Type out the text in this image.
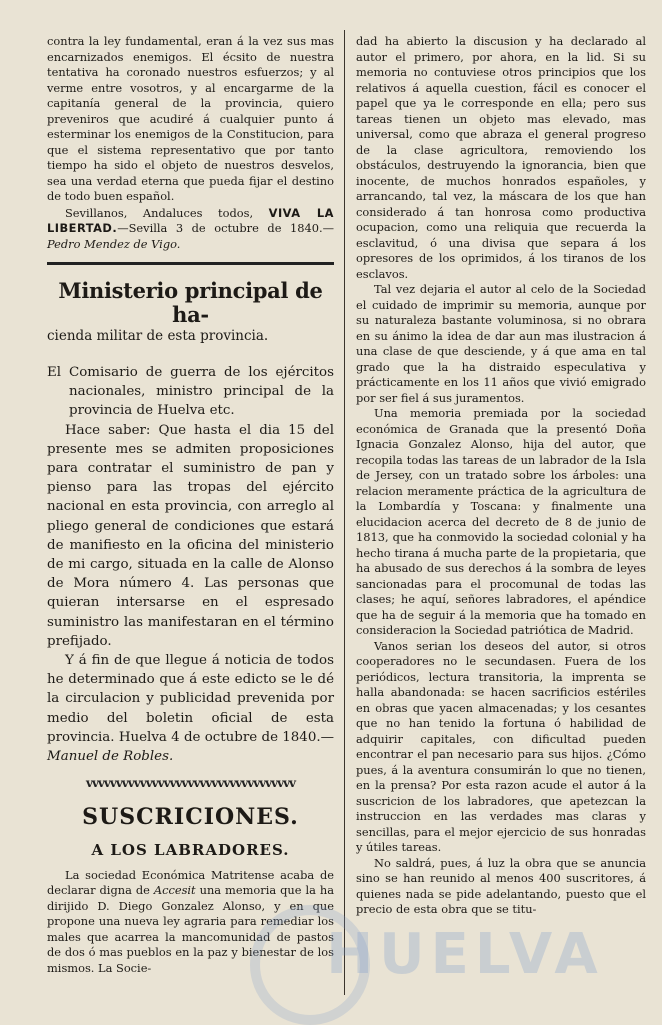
contra la ley fundamental, eran á la vez sus mas encarnizados enemigos. El écsito de nuestra tentativa ha coronado nuestros esfuerzos; y al verme entre vosotros, y al encargarme de la capitanía general de la provincia, quiero preveniros que acudiré á cualquier punto á esterminar los enemigos de la Constitucion, para que el sistema representativo que por tanto tiempo ha sido el objeto de nuestros desvelos, sea una verdad eterna que pueda fijar el destino de todo buen español.

Sevillanos, Andaluces todos, VIVA LA LIBERTAD.—Sevilla 3 de octubre de 1840.—Pedro Mendez de Vigo.

Ministerio principal de ha-
cienda militar de esta provincia.

El Comisario de guerra de los ejércitos nacionales, ministro principal de la provincia de Huelva etc.

Hace saber: Que hasta el dia 15 del presente mes se admiten proposiciones para contratar el suministro de pan y pienso para las tropas del ejército nacional en esta provincia, con arreglo al pliego general de condiciones que estará de manifiesto en la oficina del ministerio de mi cargo, situada en la calle de Alonso de Mora número 4. Las personas que quieran intersarse en el espresado suministro las manifestaran en el término prefijado.

Y á fin de que llegue á noticia de todos he determinado que á este edicto se le dé la circulacion y publicidad prevenida por medio del boletin oficial de esta provincia. Huelva 4 de octubre de 1840.—Manuel de Robles.

vvvvvvvvvvvvvvvvvvvvvvvvvvvvvvvvvvv
SUSCRICIONES.
A LOS LABRADORES.

La sociedad Económica Matritense acaba de declarar digna de Accesit una memoria que la ha dirijido D. Diego Gonzalez Alonso, y en que propone una nueva ley agraria para remediar los males que acarrea la mancomunidad de pastos de dos ó mas pueblos en la paz y bienestar de los mismos. La Socie-

dad ha abierto la discusion y ha declarado al autor el primero, por ahora, en la lid. Si su memoria no contuviese otros principios que los relativos á aquella cuestion, fácil es conocer el papel que ya le corresponde en ella; pero sus tareas tienen un objeto mas elevado, mas universal, como que abraza el general progreso de la clase agricultora, removiendo los obstáculos, destruyendo la ignorancia, bien que inocente, de muchos honrados españoles, y arrancando, tal vez, la máscara de los que han considerado á tan honrosa como productiva ocupacion, como una reliquia que recuerda la esclavitud, ó una divisa que separa á los opresores de los oprimidos, á los tiranos de los esclavos.

Tal vez dejaria el autor al celo de la Sociedad el cuidado de imprimir su memoria, aunque por su naturaleza bastante voluminosa, si no obrara en su ánimo la idea de dar aun mas ilustracion á una clase de que desciende, y á que ama en tal grado que la ha distraido especulativa y prácticamente en los 11 años que vivió emigrado por ser fiel á sus juramentos.

Una memoria premiada por la sociedad económica de Granada que la presentó Doña Ignacia Gonzalez Alonso, hija del autor, que recopila todas las tareas de un labrador de la Isla de Jersey, con un tratado sobre los árboles: una relacion meramente práctica de la agricultura de la Lombardía y Toscana: y finalmente una elucidacion acerca del decreto de 8 de junio de 1813, que ha conmovido la sociedad colonial y ha hecho tirana á mucha parte de la propietaria, que ha abusado de sus derechos á la sombra de leyes sancionadas para el procomunal de todas las clases; he aquí, señores labradores, el apéndice que ha de seguir á la memoria que ha tomado en consideracion la Sociedad patriótica de Madrid.

Vanos serian los deseos del autor, si otros cooperadores no le secundasen. Fuera de los periódicos, lectura transitoria, la imprenta se halla abandonada: se hacen sacrificios estériles en obras que yacen almacenadas; y los cesantes que no han tenido la fortuna ó habilidad de adquirir capitales, con dificultad pueden encontrar el pan necesario para sus hijos. ¿Cómo pues, á la aventura consumirán lo que no tienen, en la prensa? Por esta razon acude el autor á la suscricion de los labradores, que apetezcan la instruccion en las verdades mas claras y sencillas, para el mejor ejercicio de sus honradas y útiles tareas.

No saldrá, pues, á luz la obra que se anuncia sino se han reunido al menos 400 suscritores, á quienes nada se pide adelantando, puesto que el precio de esta obra que se titu-

HUELVA
